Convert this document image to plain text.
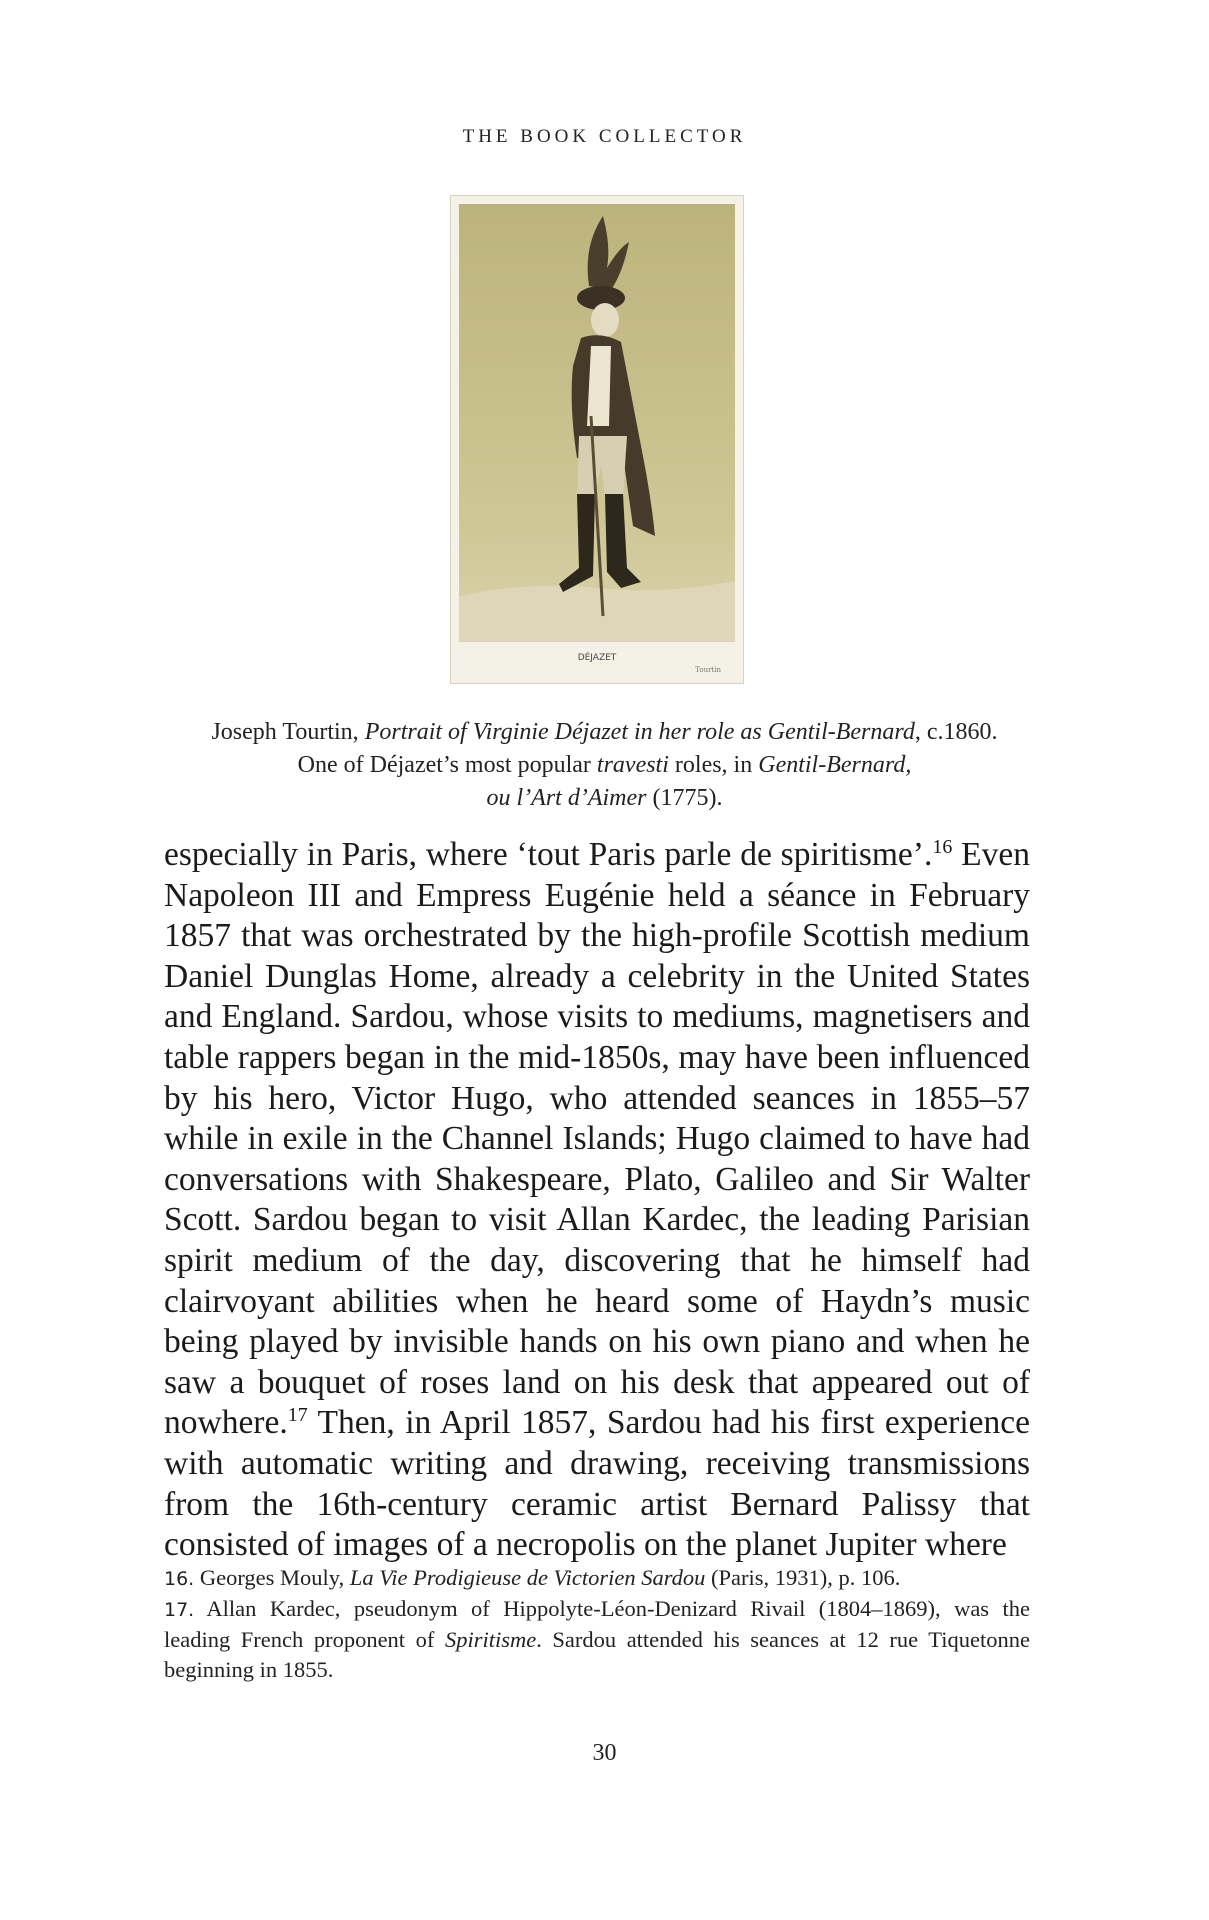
THE BOOK COLLECTOR
DÉJAZET
Tourtin
Joseph Tourtin, Portrait of Virginie Déjazet in her role as Gentil-Bernard, c.1860.
One of Déjazet’s most popular travesti roles, in Gentil-Bernard,
ou l’Art d’Aimer (1775).
especially in Paris, where ‘tout Paris parle de spiritisme’.$^{16}$ Even Napoleon III and Empress Eugénie held a séance in February 1857 that was orchestrated by the high-profile Scottish medium Daniel Dunglas Home, already a celebrity in the United States and England. Sardou, whose visits to mediums, magnetisers and table rappers began in the mid-1850s, may have been influenced by his hero, Victor Hugo, who attended seances in 1855–57 while in exile in the Channel Islands; Hugo claimed to have had conversations with Shakespeare, Plato, Galileo and Sir Walter Scott. Sardou began to visit Allan Kardec, the leading Parisian spirit medium of the day, discovering that he himself had clairvoyant abilities when he heard some of Haydn’s music being played by invisible hands on his own piano and when he saw a bouquet of roses land on his desk that appeared out of nowhere.$^{17}$ Then, in April 1857, Sardou had his first experience with automatic writing and drawing, receiving transmissions from the 16th-century ceramic artist Bernard Palissy that consisted of images of a necropolis on the planet Jupiter where

16. Georges Mouly, La Vie Prodigieuse de Victorien Sardou (Paris, 1931), p. 106.

17. Allan Kardec, pseudonym of Hippolyte-Léon-Denizard Rivail (1804–1869), was the leading French proponent of Spiritisme. Sardou attended his seances at 12 rue Tiquetonne beginning in 1855.

30
